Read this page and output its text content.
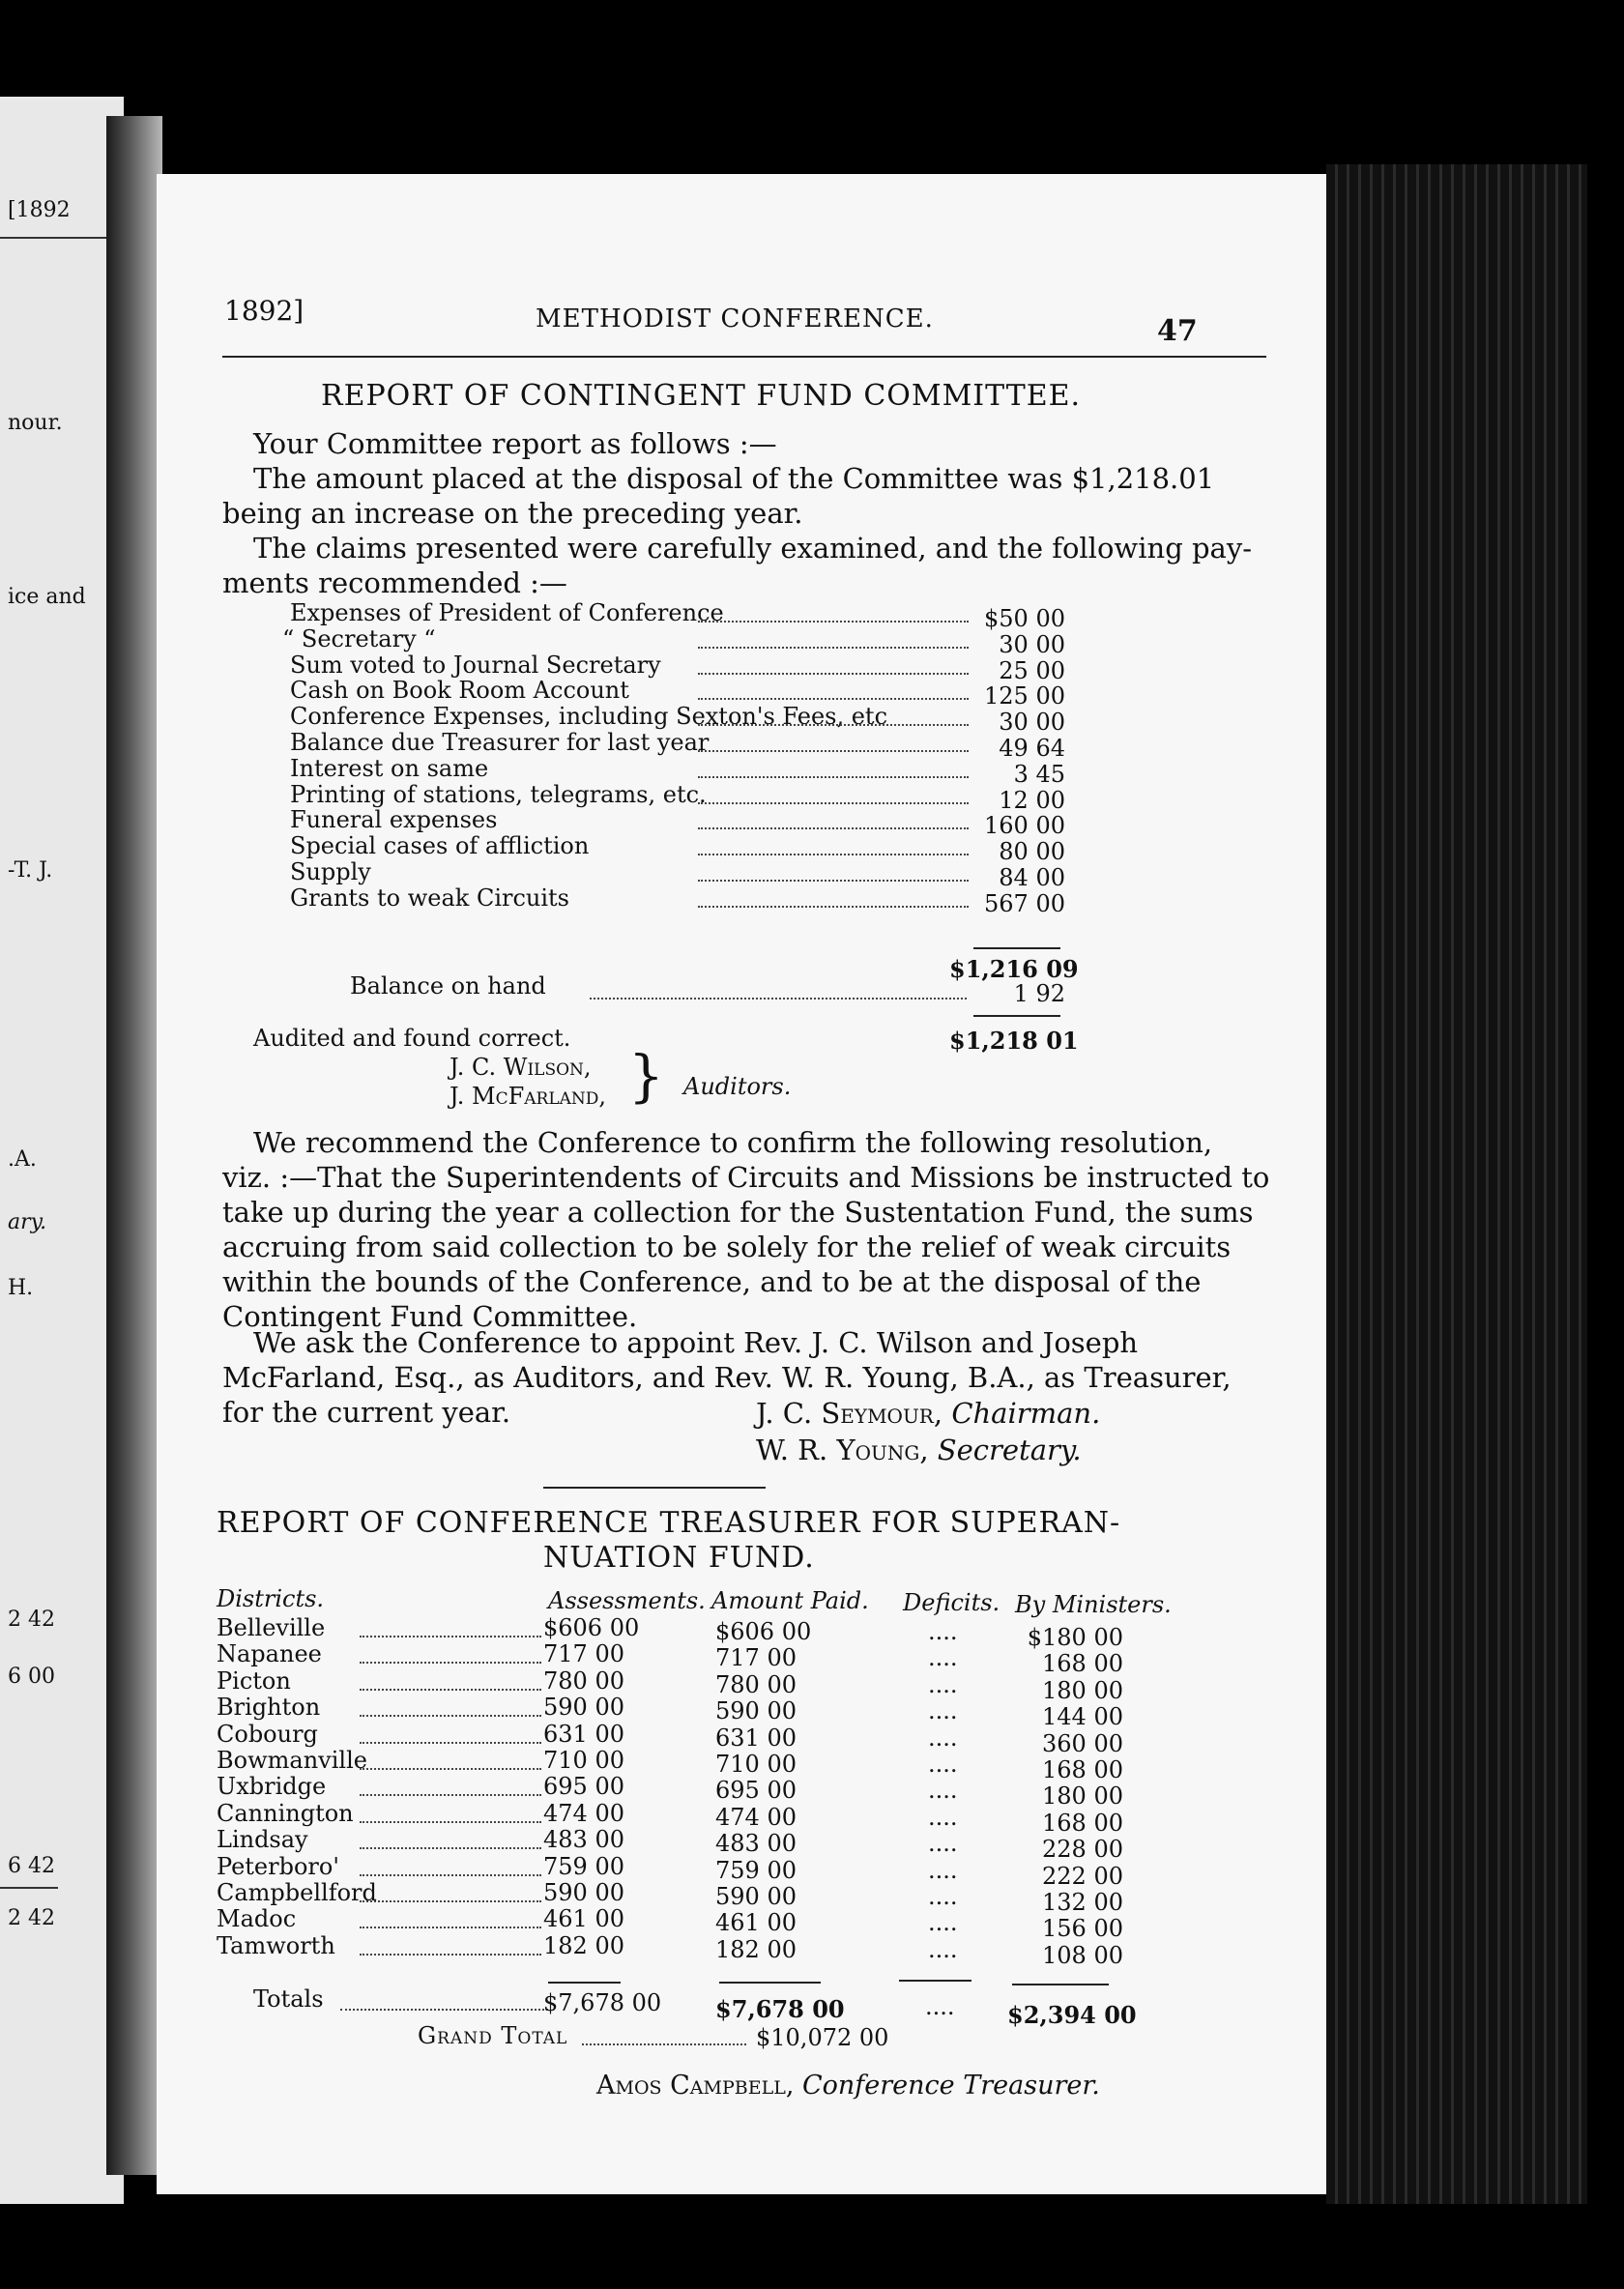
[1892
nour.
ice and
-T. J.
.A.
ary.
H.
2 42
6 00
6 42
2 42
1892]	METHODIST CONFERENCE.	47
REPORT OF CONTINGENT FUND COMMITTEE.
Your Committee report as follows :—
The amount placed at the disposal of the Committee was $1,218.01
being an increase on the preceding year.
The claims presented were carefully examined, and the following pay-
ments recommended :—
Expenses of President of Conference	$50 00
“ Secretary “	30 00
Sum voted to Journal Secretary	25 00
Cash on Book Room Account	125 00
Conference Expenses, including Sexton's Fees, etc	30 00
Balance due Treasurer for last year	49 64
Interest on same	3 45
Printing of stations, telegrams, etc.	12 00
Funeral expenses	160 00
Special cases of affliction	80 00
Supply	84 00
Grants to weak Circuits	567 00
$1,216 09
Balance on hand	1 92
Audited and found correct.	$1,218 01
J. C. Wilson,
J. McFarland, } Auditors.
We recommend the Conference to confirm the following resolution,
viz. :—That the Superintendents of Circuits and Missions be instructed to
take up during the year a collection for the Sustentation Fund, the sums
accruing from said collection to be solely for the relief of weak circuits
within the bounds of the Conference, and to be at the disposal of the
Contingent Fund Committee.
We ask the Conference to appoint Rev. J. C. Wilson and Joseph
McFarland, Esq., as Auditors, and Rev. W. R. Young, B.A., as Treasurer,
for the current year.	J. C. Seymour, Chairman.
W. R. Young, Secretary.
REPORT OF CONFERENCE TREASURER FOR SUPERAN-
NUATION FUND.
Districts.	Assessments. Amount Paid. Deficits. By Ministers.
Belleville	$606 00	$606 00	....	$180 00
Napanee	717 00	717 00	....	168 00
Picton	780 00	780 00	....	180 00
Brighton	590 00	590 00	....	144 00
Cobourg	631 00	631 00	....	360 00
Bowmanville	710 00	710 00	....	168 00
Uxbridge	695 00	695 00	....	180 00
Cannington	474 00	474 00	....	168 00
Lindsay	483 00	483 00	....	228 00
Peterboro'	759 00	759 00	....	222 00
Campbellford	590 00	590 00	....	132 00
Madoc	461 00	461 00	....	156 00
Tamworth	182 00	182 00	....	108 00
Totals	$7,678 00 $7,678 00	....	$2,394 00
Grand Total	$10,072 00
Amos Campbell, Conference Treasurer.
